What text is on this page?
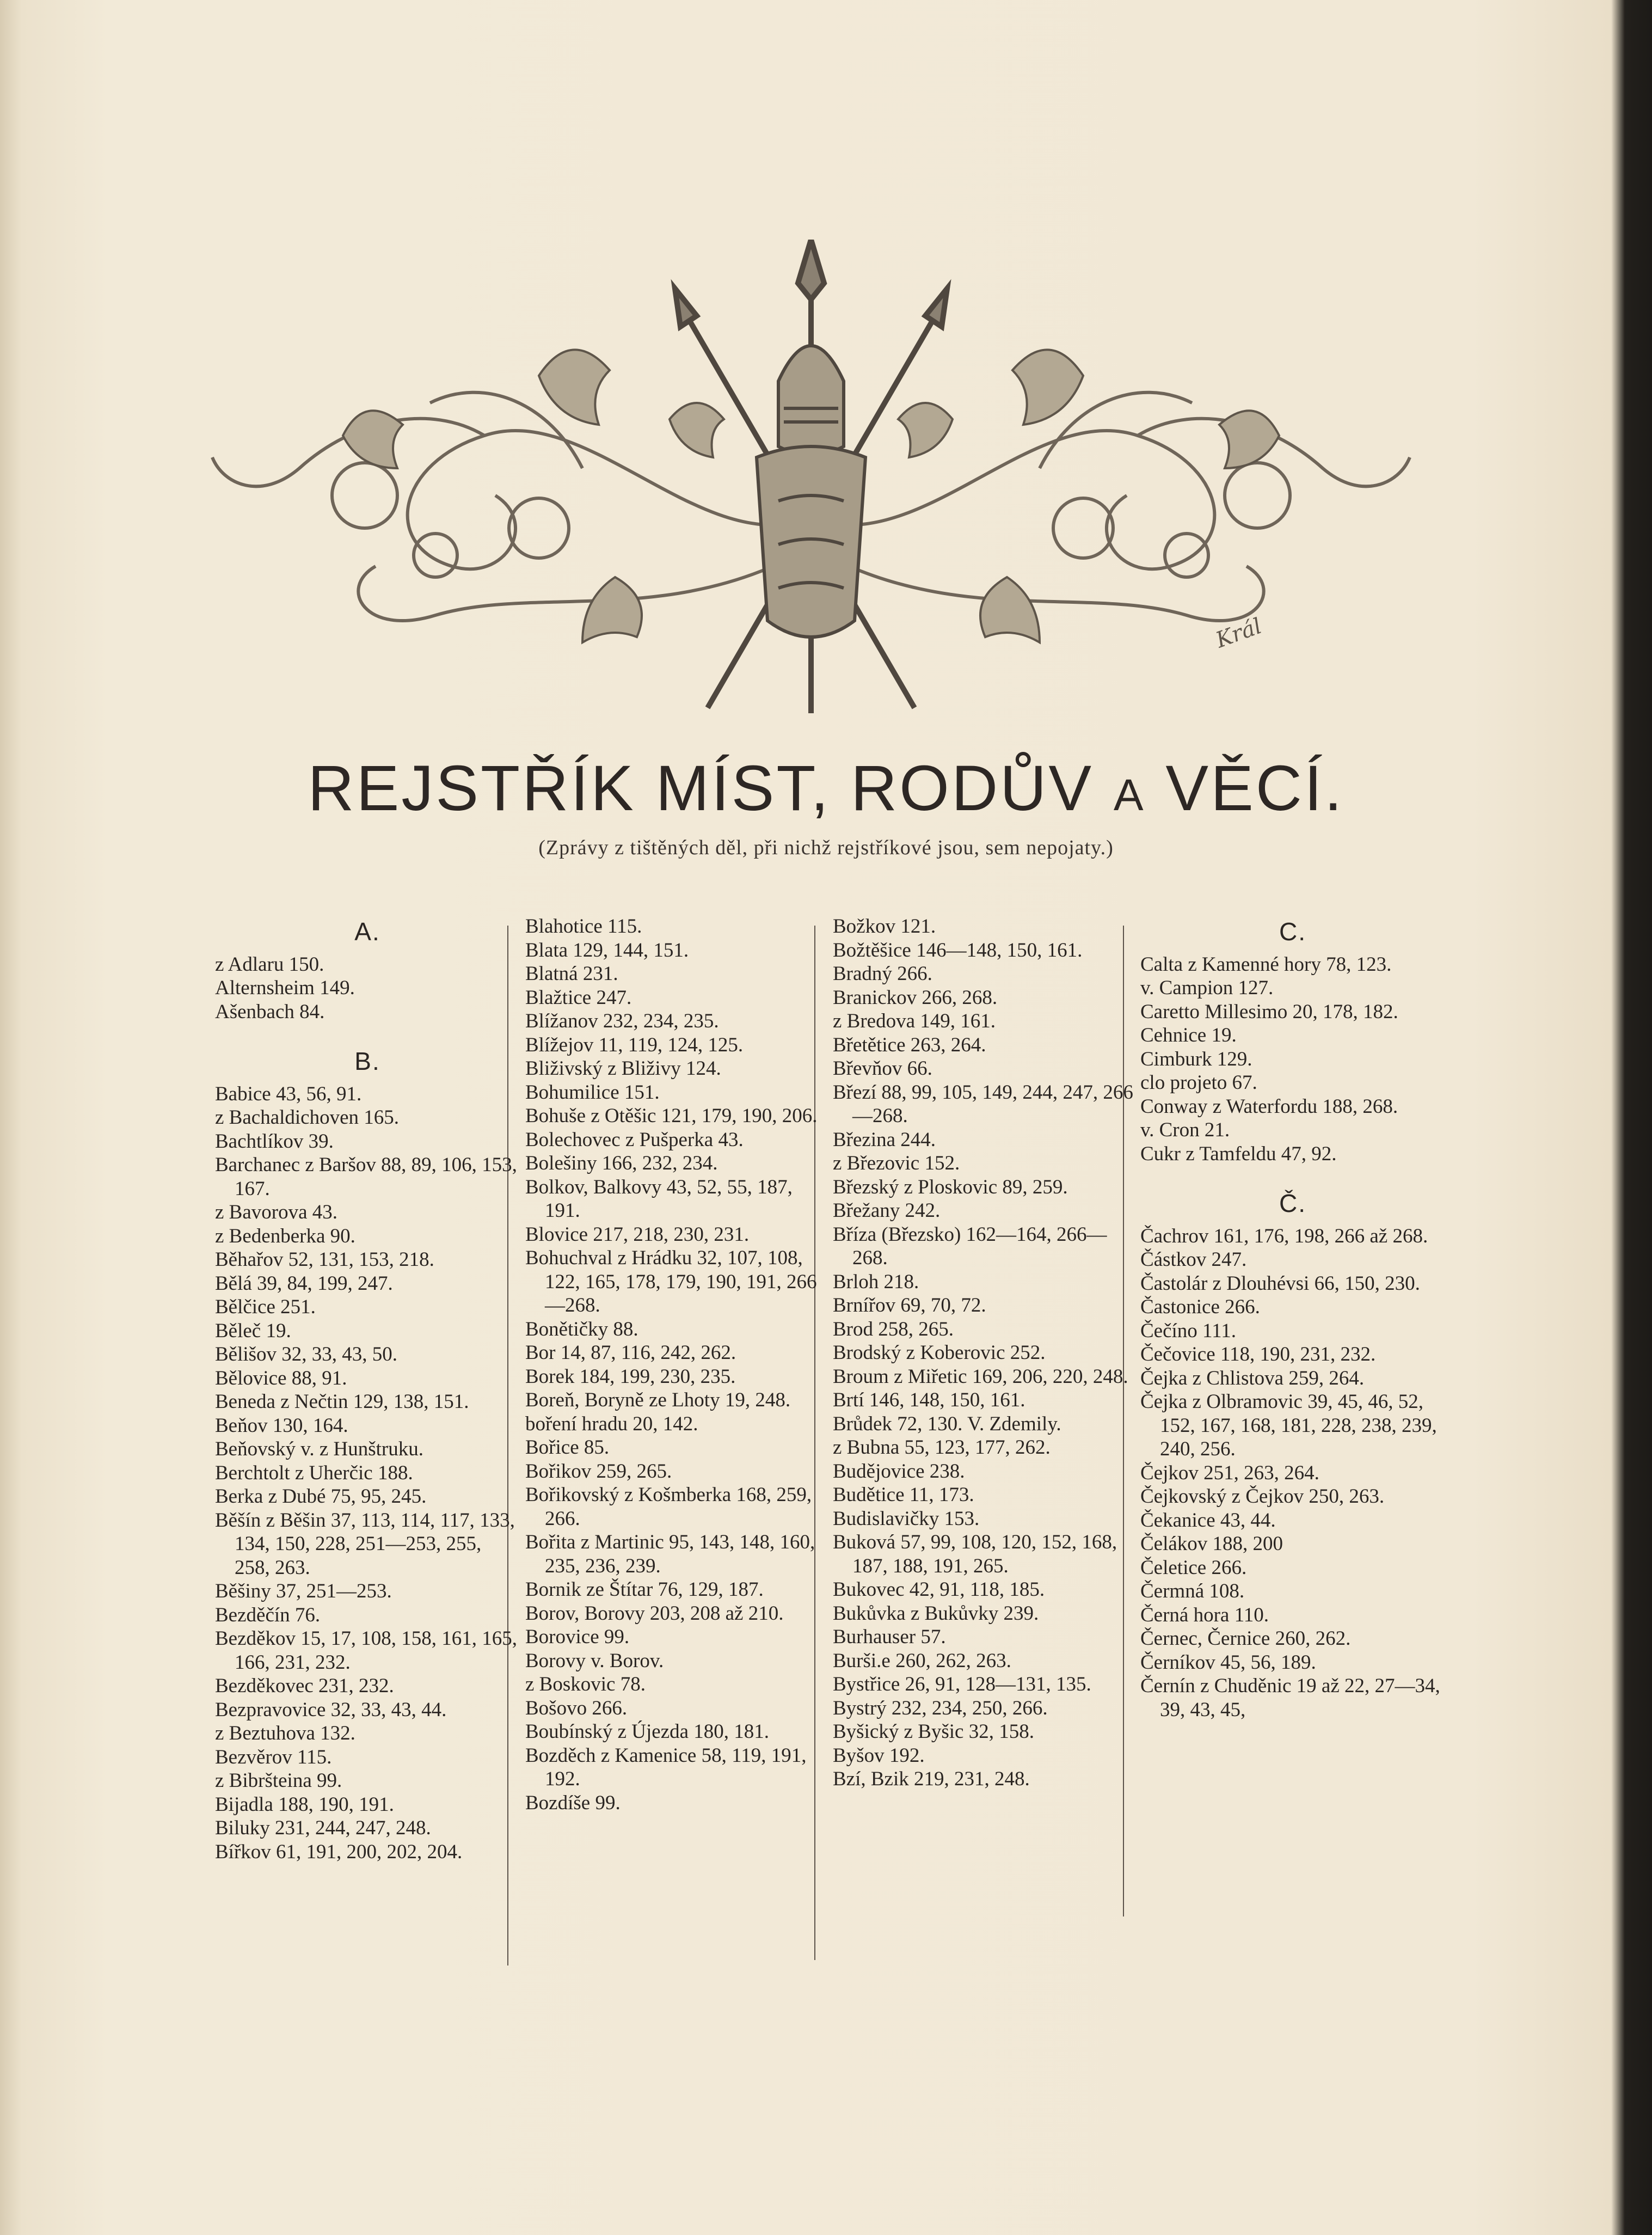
Král
REJSTŘÍK MÍST, RODŮV A VĚCÍ.
(Zprávy z tištěných děl, při nichž rejstříkové jsou, sem nepojaty.)
A.
z Adlaru 150.
Alternsheim 149.
Ašenbach 84.
B.
Babice 43, 56, 91.
z Bachaldichoven 165.
Bachtlíkov 39.
Barchanec z Baršov 88, 89, 106, 153, 167.
z Bavorova 43.
z Bedenberka 90.
Běhařov 52, 131, 153, 218.
Bělá 39, 84, 199, 247.
Bělčice 251.
Běleč 19.
Bělišov 32, 33, 43, 50.
Bělovice 88, 91.
Beneda z Nečtin 129, 138, 151.
Beňov 130, 164.
Beňovský v. z Hunštruku.
Berchtolt z Uherčic 188.
Berka z Dubé 75, 95, 245.
Běšín z Běšin 37, 113, 114, 117, 133, 134, 150, 228, 251—253, 255, 258, 263.
Běšiny 37, 251—253.
Bezděčín 76.
Bezděkov 15, 17, 108, 158, 161, 165, 166, 231, 232.
Bezděkovec 231, 232.
Bezpravovice 32, 33, 43, 44.
z Beztuhova 132.
Bezvěrov 115.
z Bibršteina 99.
Bijadla 188, 190, 191.
Biluky 231, 244, 247, 248.
Bířkov 61, 191, 200, 202, 204.
Blahotice 115.
Blata 129, 144, 151.
Blatná 231.
Blažtice 247.
Blížanov 232, 234, 235.
Blížejov 11, 119, 124, 125.
Bliživský z Bliživy 124.
Bohumilice 151.
Bohuše z Otěšic 121, 179, 190, 206.
Bolechovec z Pušperka 43.
Bolešiny 166, 232, 234.
Bolkov, Balkovy 43, 52, 55, 187, 191.
Blovice 217, 218, 230, 231.
Bohuchval z Hrádku 32, 107, 108, 122, 165, 178, 179, 190, 191, 266—268.
Bonětičky 88.
Bor 14, 87, 116, 242, 262.
Borek 184, 199, 230, 235.
Boreň, Boryně ze Lhoty 19, 248.
boření hradu 20, 142.
Bořice 85.
Bořikov 259, 265.
Bořikovský z Košmberka 168, 259, 266.
Bořita z Martinic 95, 143, 148, 160, 235, 236, 239.
Bornik ze Štítar 76, 129, 187.
Borov, Borovy 203, 208 až 210.
Borovice 99.
Borovy v. Borov.
z Boskovic 78.
Bošovo 266.
Boubínský z Újezda 180, 181.
Bozděch z Kamenice 58, 119, 191, 192.
Bozdíše 99.
Božkov 121.
Božtěšice 146—148, 150, 161.
Bradný 266.
Branickov 266, 268.
z Bredova 149, 161.
Břetětice 263, 264.
Břevňov 66.
Březí 88, 99, 105, 149, 244, 247, 266—268.
Březina 244.
z Březovic 152.
Březský z Ploskovic 89, 259.
Břežany 242.
Bříza (Březsko) 162—164, 266—268.
Brloh 218.
Brnířov 69, 70, 72.
Brod 258, 265.
Brodský z Koberovic 252.
Broum z Miřetic 169, 206, 220, 248.
Brtí 146, 148, 150, 161.
Brůdek 72, 130. V. Zdemily.
z Bubna 55, 123, 177, 262.
Budějovice 238.
Budětice 11, 173.
Budislavičky 153.
Buková 57, 99, 108, 120, 152, 168, 187, 188, 191, 265.
Bukovec 42, 91, 118, 185.
Bukůvka z Bukůvky 239.
Burhauser 57.
Burši.e 260, 262, 263.
Bystřice 26, 91, 128—131, 135.
Bystrý 232, 234, 250, 266.
Byšický z Byšic 32, 158.
Byšov 192.
Bzí, Bzik 219, 231, 248.
C.
Calta z Kamenné hory 78, 123.
v. Campion 127.
Caretto Millesimo 20, 178, 182.
Cehnice 19.
Cimburk 129.
clo projeto 67.
Conway z Waterfordu 188, 268.
v. Cron 21.
Cukr z Tamfeldu 47, 92.
Č.
Čachrov 161, 176, 198, 266 až 268.
Částkov 247.
Častolár z Dlouhévsi 66, 150, 230.
Častonice 266.
Čečíno 111.
Čečovice 118, 190, 231, 232.
Čejka z Chlistova 259, 264.
Čejka z Olbramovic 39, 45, 46, 52, 152, 167, 168, 181, 228, 238, 239, 240, 256.
Čejkov 251, 263, 264.
Čejkovský z Čejkov 250, 263.
Čekanice 43, 44.
Čelákov 188, 200
Čeletice 266.
Čermná 108.
Černá hora 110.
Černec, Černice 260, 262.
Černíkov 45, 56, 189.
Černín z Chuděnic 19 až 22, 27—34, 39, 43, 45,
